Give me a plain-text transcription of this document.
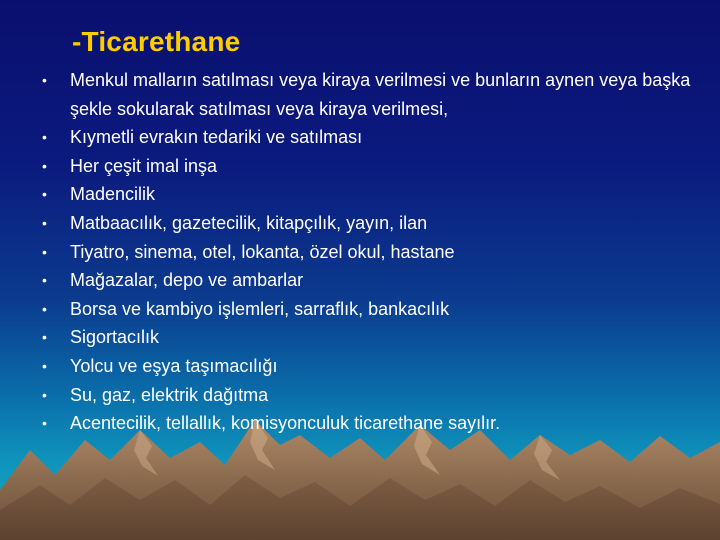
-Ticarethane
• Menkul malların satılması veya kiraya verilmesi ve bunların aynen veya başka şekle sokularak satılması veya kiraya verilmesi,
• Kıymetli evrakın tedariki ve satılması
• Her çeşit imal inşa
• Madencilik
• Matbaacılık, gazetecilik, kitapçılık, yayın, ilan
• Tiyatro, sinema, otel, lokanta, özel okul, hastane
• Mağazalar, depo ve ambarlar
• Borsa ve kambiyo işlemleri, sarraflık, bankacılık
• Sigortacılık
• Yolcu ve eşya taşımacılığı
• Su, gaz, elektrik dağıtma
• Acentecilik, tellallık, komisyonculuk ticarethane sayılır.
